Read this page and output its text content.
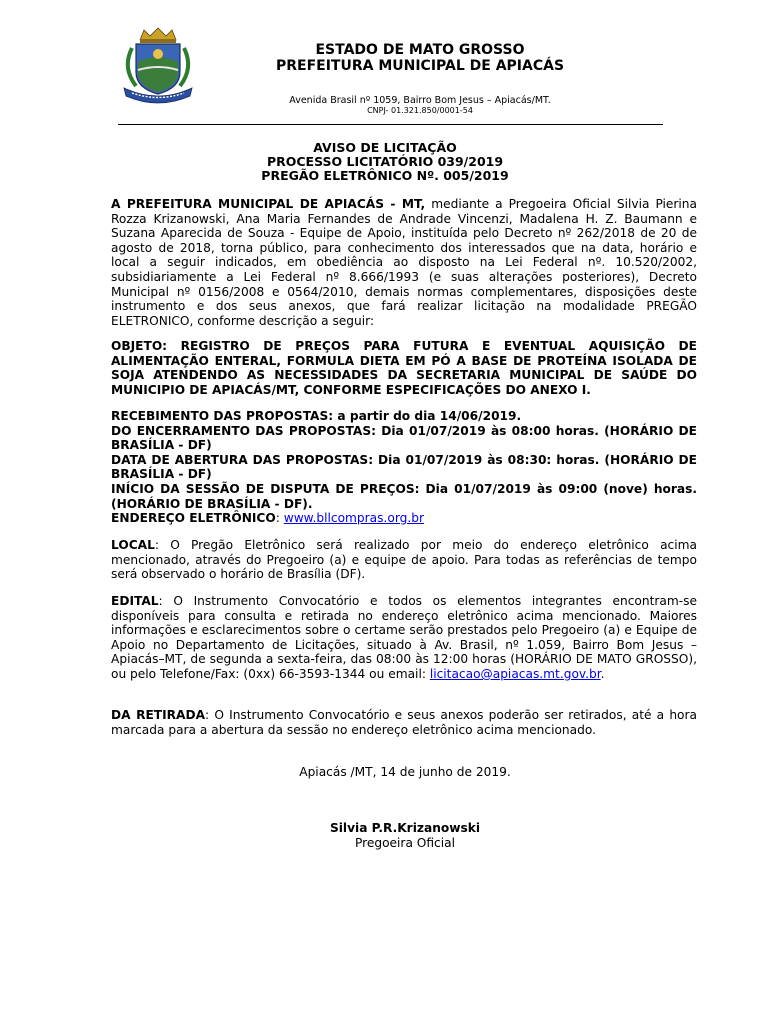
ESTADO DE MATO GROSSO
PREFEITURA MUNICIPAL DE APIACÁS
Avenida Brasil nº 1059, Bairro Bom Jesus – Apiacás/MT.
CNPJ- 01.321.850/0001-54
AVISO DE LICITAÇÃO
PROCESSO LICITATÓRIO 039/2019
PREGÃO ELETRÔNICO Nº. 005/2019
A PREFEITURA MUNICIPAL DE APIACÁS - MT, mediante a Pregoeira Oficial Silvia Pierina Rozza Krizanowski, Ana Maria Fernandes de Andrade Vincenzi, Madalena H. Z. Baumann e Suzana Aparecida de Souza - Equipe de Apoio, instituída pelo Decreto nº 262/2018 de 20 de agosto de 2018, torna público, para conhecimento dos interessados que na data, horário e local a seguir indicados, em obediência ao disposto na Lei Federal nº. 10.520/2002, subsidiariamente a Lei Federal nº 8.666/1993 (e suas alterações posteriores), Decreto Municipal nº 0156/2008 e 0564/2010, demais normas complementares, disposições deste instrumento e dos seus anexos, que fará realizar licitação na modalidade PREGÃO ELETRONICO, conforme descrição a seguir:
OBJETO: REGISTRO DE PREÇOS PARA FUTURA E EVENTUAL AQUISIÇÃO DE ALIMENTAÇÃO ENTERAL, FORMULA DIETA EM PÓ A BASE DE PROTEÍNA ISOLADA DE SOJA ATENDENDO AS NECESSIDADES DA SECRETARIA MUNICIPAL DE SAÚDE DO MUNICIPIO DE APIACÁS/MT, CONFORME ESPECIFICAÇÕES DO ANEXO I.
RECEBIMENTO DAS PROPOSTAS: a partir do dia 14/06/2019.
DO ENCERRAMENTO DAS PROPOSTAS: Dia 01/07/2019 às 08:00 horas. (HORÁRIO DE BRASÍLIA - DF)
DATA DE ABERTURA DAS PROPOSTAS: Dia 01/07/2019 às 08:30: horas. (HORÁRIO DE BRASÍLIA - DF)
INÍCIO DA SESSÃO DE DISPUTA DE PREÇOS: Dia 01/07/2019 às 09:00 (nove) horas. (HORÁRIO DE BRASÍLIA - DF).
ENDEREÇO ELETRÔNICO: www.bllcompras.org.br
LOCAL: O Pregão Eletrônico será realizado por meio do endereço eletrônico acima mencionado, através do Pregoeiro (a) e equipe de apoio. Para todas as referências de tempo será observado o horário de Brasília (DF).
EDITAL: O Instrumento Convocatório e todos os elementos integrantes encontram-se disponíveis para consulta e retirada no endereço eletrônico acima mencionado. Maiores informações e esclarecimentos sobre o certame serão prestados pelo Pregoeiro (a) e Equipe de Apoio no Departamento de Licitações, situado à Av. Brasil, nº 1.059, Bairro Bom Jesus – Apiacás–MT, de segunda a sexta-feira, das 08:00 às 12:00 horas (HORÁRIO DE MATO GROSSO), ou pelo Telefone/Fax: (0xx) 66-3593-1344 ou email: licitacao@apiacas.mt.gov.br.
DA RETIRADA: O Instrumento Convocatório e seus anexos poderão ser retirados, até a hora marcada para a abertura da sessão no endereço eletrônico acima mencionado.
Apiacás /MT, 14 de junho de 2019.
Silvia P.R.Krizanowski
Pregoeira Oficial
